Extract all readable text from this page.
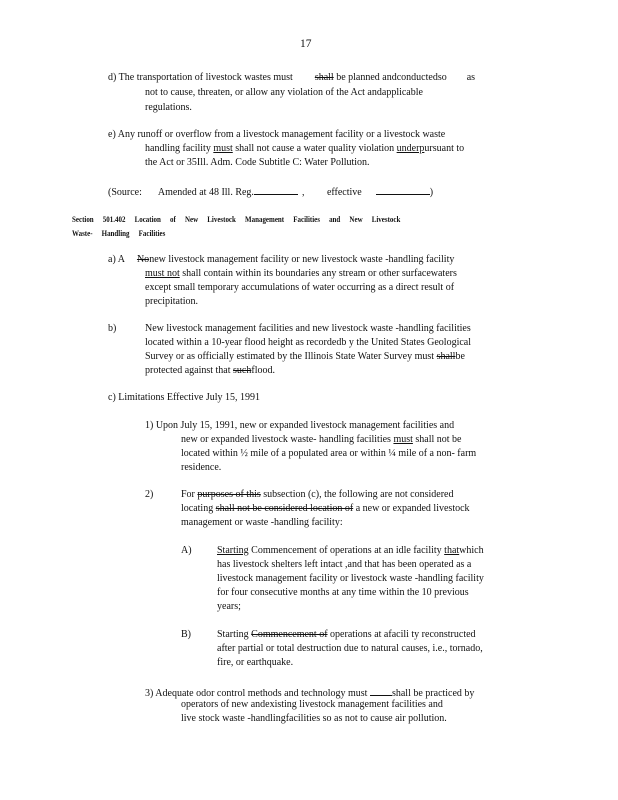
17
d) The transportation of livestock wastes must shall be planned andconductedso as
not to cause, threaten, or allow any violation of the Act andapplicable
regulations.
e) Any runoff or overflow from a livestock management facility or a livestock waste
handling facility must shall not cause a water quality violation underpursuant to
the Act or 35Ill. Adm. Code Subtitle C: Water Pollution.
(Source: Amended at 48 Ill. Reg.	, effective	)
Section 501.402 Location of New Livestock Management Facilities and New Livestock
Waste- Handling Facilities
a) A Nonew livestock management facility or new livestock waste -handling facility
must not shall contain within its boundaries any stream or other surfacewaters
except small temporary accumulations of water occurring as a direct result of
precipitation.
b)	New livestock management facilities and new livestock waste -handling facilities
located within a 10-year flood height as recordedb y the United States Geological
Survey or as officially estimated by the Illinois State Water Survey must shallbe
protected against that suchflood.
c) Limitations Effective July 15, 1991
1) Upon July 15, 1991, new or expanded livestock management facilities and
new or expanded livestock waste- handling facilities must shall not be
located within ½ mile of a populated area or within ¼ mile of a non- farm
residence.
2)	For purposes of this subsection (c), the following are not considered
locating shall not be considered location of a new or expanded livestock
management or waste -handling facility:
A)	Starting Commencement of operations at an idle facility thatwhich
has livestock shelters left intact ,and that has been operated as a
livestock management facility or livestock waste -handling facility
for four consecutive months at any time within the 10 previous
years;
B)	Starting Commencement of operations at afacili ty reconstructed
after partial or total destruction due to natural causes, i.e., tornado,
fire, or earthquake.
3) Adequate odor control methods and technology must shall be practiced by
operators of new andexisting livestock management facilities and
live stock waste -handlingfacilities so as not to cause air pollution.
